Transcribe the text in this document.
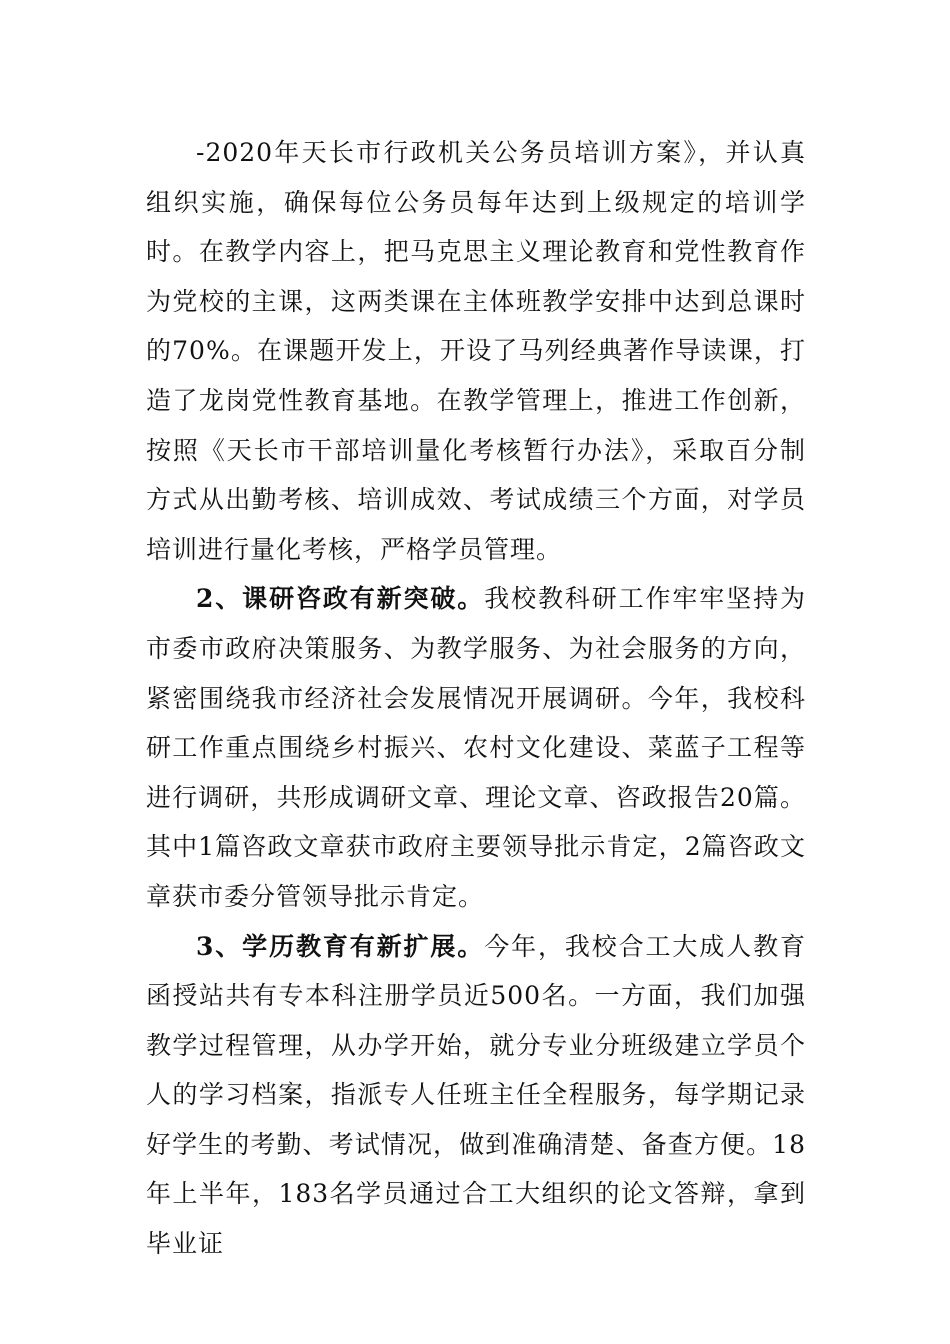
-2020年天长市行政机关公务员培训方案》，并认真组织实施，确保每位公务员每年达到上级规定的培训学时。在教学内容上，把马克思主义理论教育和党性教育作为党校的主课，这两类课在主体班教学安排中达到总课时的70%。在课题开发上，开设了马列经典著作导读课，打造了龙岗党性教育基地。在教学管理上，推进工作创新，按照《天长市干部培训量化考核暂行办法》，采取百分制方式从出勤考核、培训成效、考试成绩三个方面，对学员培训进行量化考核，严格学员管理。

2、课研咨政有新突破。我校教科研工作牢牢坚持为市委市政府决策服务、为教学服务、为社会服务的方向，紧密围绕我市经济社会发展情况开展调研。今年，我校科研工作重点围绕乡村振兴、农村文化建设、菜蓝子工程等进行调研，共形成调研文章、理论文章、咨政报告20篇。其中1篇咨政文章获市政府主要领导批示肯定，2篇咨政文章获市委分管领导批示肯定。

3、学历教育有新扩展。今年，我校合工大成人教育函授站共有专本科注册学员近500名。一方面，我们加强教学过程管理，从办学开始，就分专业分班级建立学员个人的学习档案，指派专人任班主任全程服务，每学期记录好学生的考勤、考试情况，做到准确清楚、备查方便。18年上半年，183名学员通过合工大组织的论文答辩，拿到毕业证
